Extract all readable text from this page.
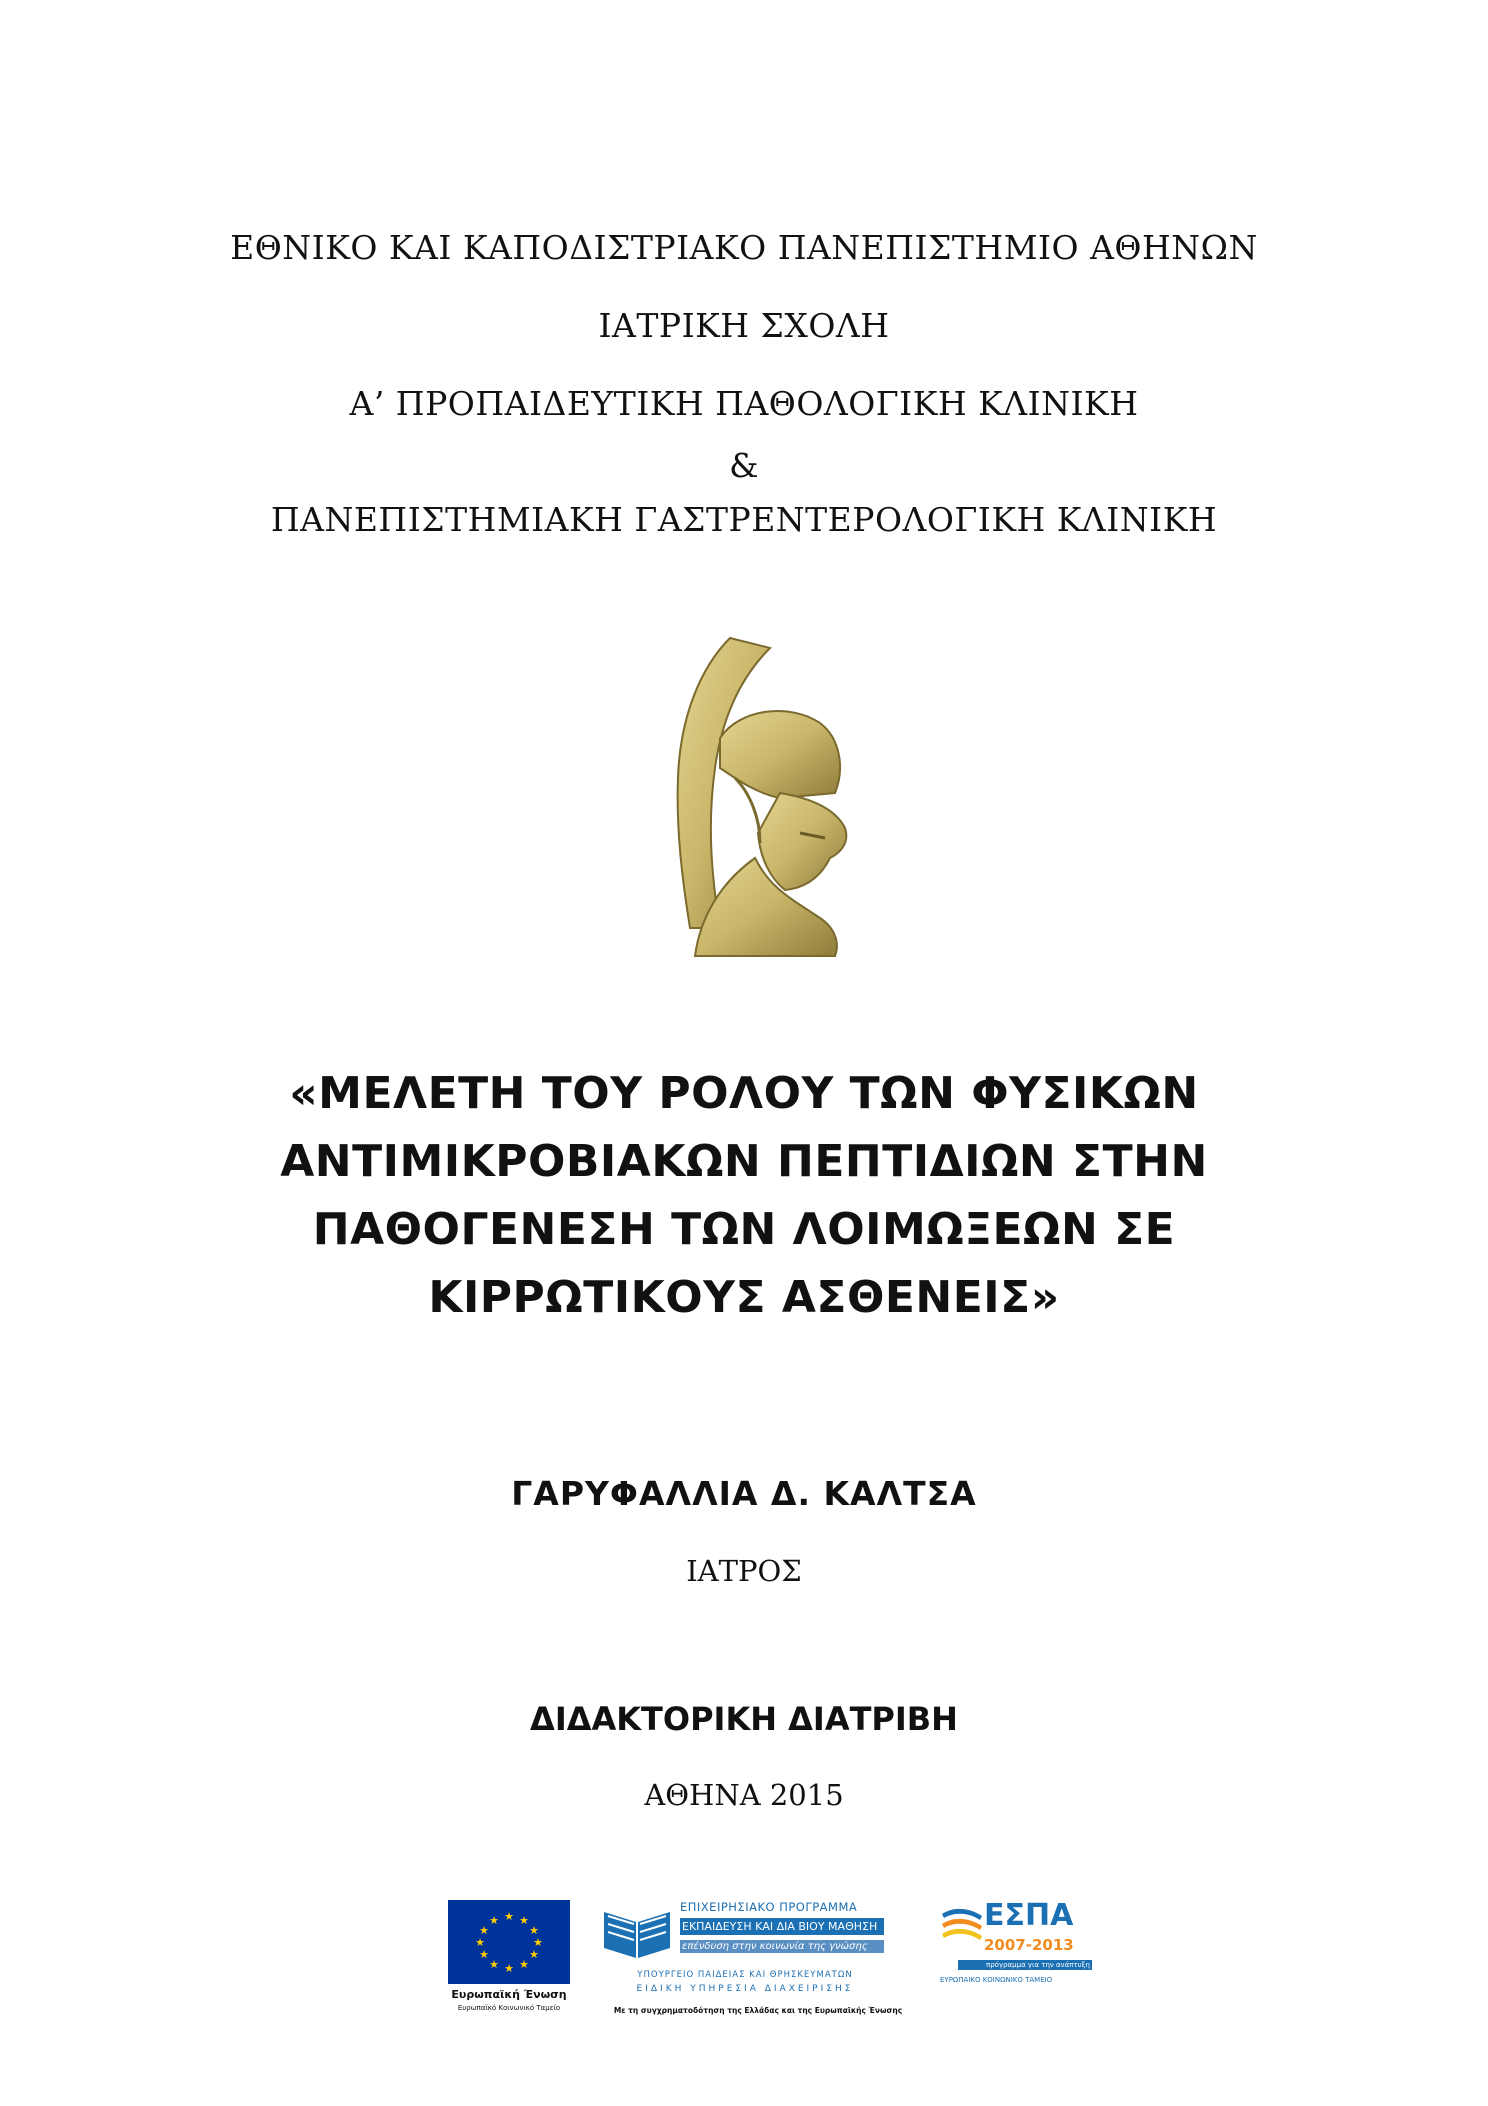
ΕΘΝΙΚΟ ΚΑΙ ΚΑΠΟΔΙΣΤΡΙΑΚΟ ΠΑΝΕΠΙΣΤΗΜΙΟ ΑΘΗΝΩΝ
ΙΑΤΡΙΚΗ ΣΧΟΛΗ
Α’ ΠΡΟΠΑΙΔΕΥΤΙΚΗ ΠΑΘΟΛΟΓΙΚΗ ΚΛΙΝΙΚΗ
&
ΠΑΝΕΠΙΣΤΗΜΙΑΚΗ ΓΑΣΤΡΕΝΤΕΡΟΛΟΓΙΚΗ ΚΛΙΝΙΚΗ
«ΜΕΛΕΤΗ ΤΟΥ ΡΟΛΟΥ ΤΩΝ ΦΥΣΙΚΩΝ
ΑΝΤΙΜΙΚΡΟΒΙΑΚΩΝ ΠΕΠΤΙΔΙΩΝ ΣΤΗΝ
ΠΑΘΟΓΕΝΕΣΗ ΤΩΝ ΛΟΙΜΩΞΕΩΝ ΣΕ
ΚΙΡΡΩΤΙΚΟΥΣ ΑΣΘΕΝΕΙΣ»
ΓΑΡΥΦΑΛΛΙΑ Δ. ΚΑΛΤΣΑ
ΙΑΤΡΟΣ
ΔΙΔΑΚΤΟΡΙΚΗ ΔΙΑΤΡΙΒΗ
ΑΘΗΝΑ 2015
★ ★
★
★
★
★
★
★
★
★
★
★
Ευρωπαϊκή Ένωση
Ευρωπαϊκό Κοινωνικό Ταμείο
ΕΠΙΧΕΙΡΗΣΙΑΚΟ ΠΡΟΓΡΑΜΜΑ
ΕΚΠΑΙΔΕΥΣΗ ΚΑΙ ΔΙΑ ΒΙΟΥ ΜΑΘΗΣΗ
επένδυση στην κοινωνία της γνώσης
ΥΠΟΥΡΓΕΙΟ ΠΑΙΔΕΙΑΣ ΚΑΙ ΘΡΗΣΚΕΥΜΑΤΩΝ
ΕΙΔΙΚΗ ΥΠΗΡΕΣΙΑ ΔΙΑΧΕΙΡΙΣΗΣ
Με τη συγχρηματοδότηση της Ελλάδας και της Ευρωπαϊκής Ένωσης
ΕΣΠΑ
2007-2013
πρόγραμμα για την ανάπτυξη
ΕΥΡΩΠΑΪΚΟ ΚΟΙΝΩΝΙΚΟ ΤΑΜΕΙΟ
